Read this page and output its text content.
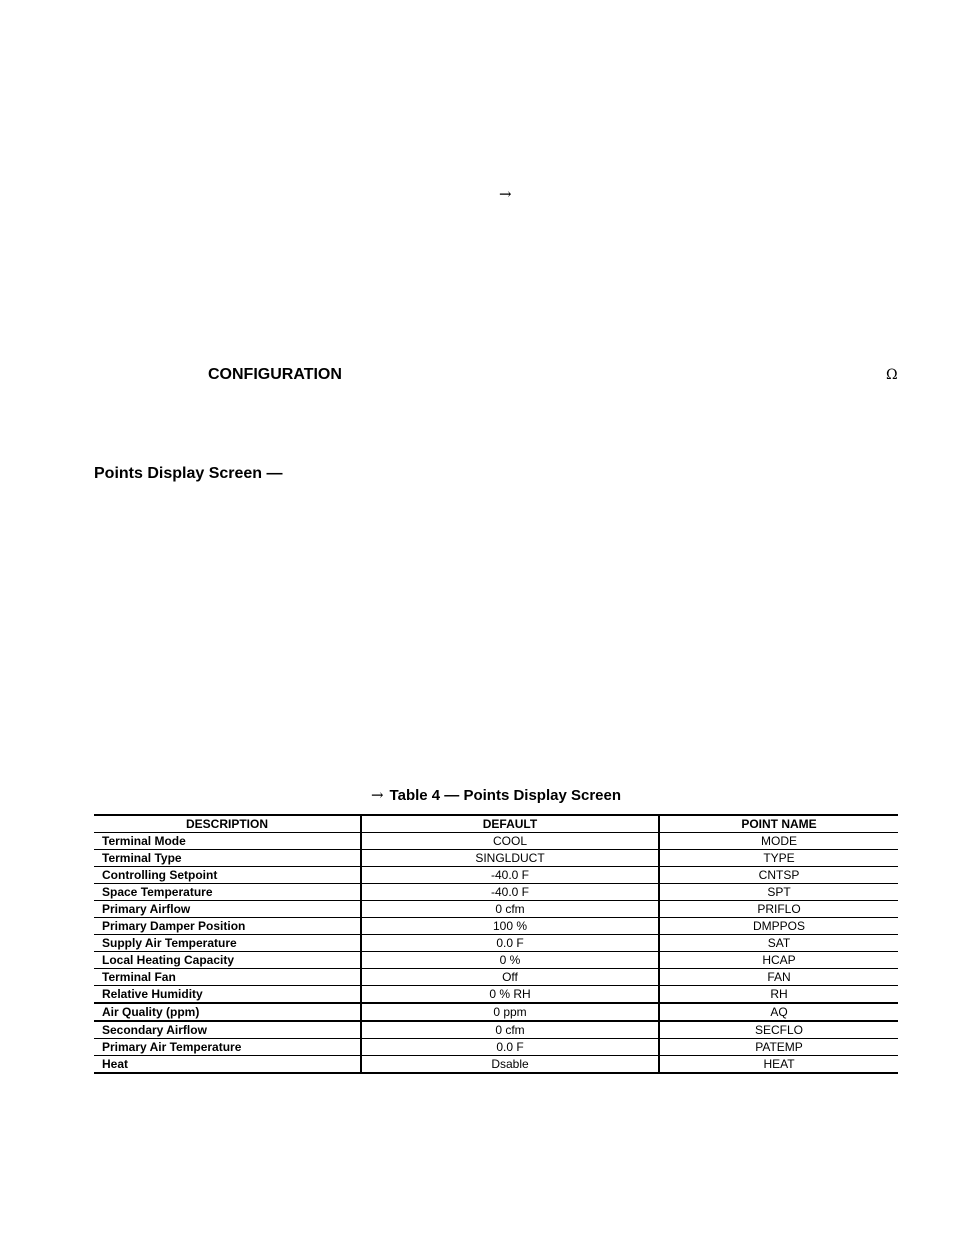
→
CONFIGURATION	Ω
Points Display Screen —
→ Table 4 — Points Display Screen
DESCRIPTION	DEFAULT	POINT NAME
Terminal Mode	COOL	MODE
Terminal Type	SINGLDUCT	TYPE
Controlling Setpoint	-40.0 F	CNTSP
Space Temperature	-40.0 F	SPT
Primary Airflow	0 cfm	PRIFLO
Primary Damper Position	100 %	DMPPOS
Supply Air Temperature	0.0 F	SAT
Local Heating Capacity	0 %	HCAP
Terminal Fan	Off	FAN
Relative Humidity	0 % RH	RH
Air Quality (ppm)	0 ppm	AQ
Secondary Airflow	0 cfm	SECFLO
Primary Air Temperature	0.0 F	PATEMP
Heat	Dsable	HEAT
